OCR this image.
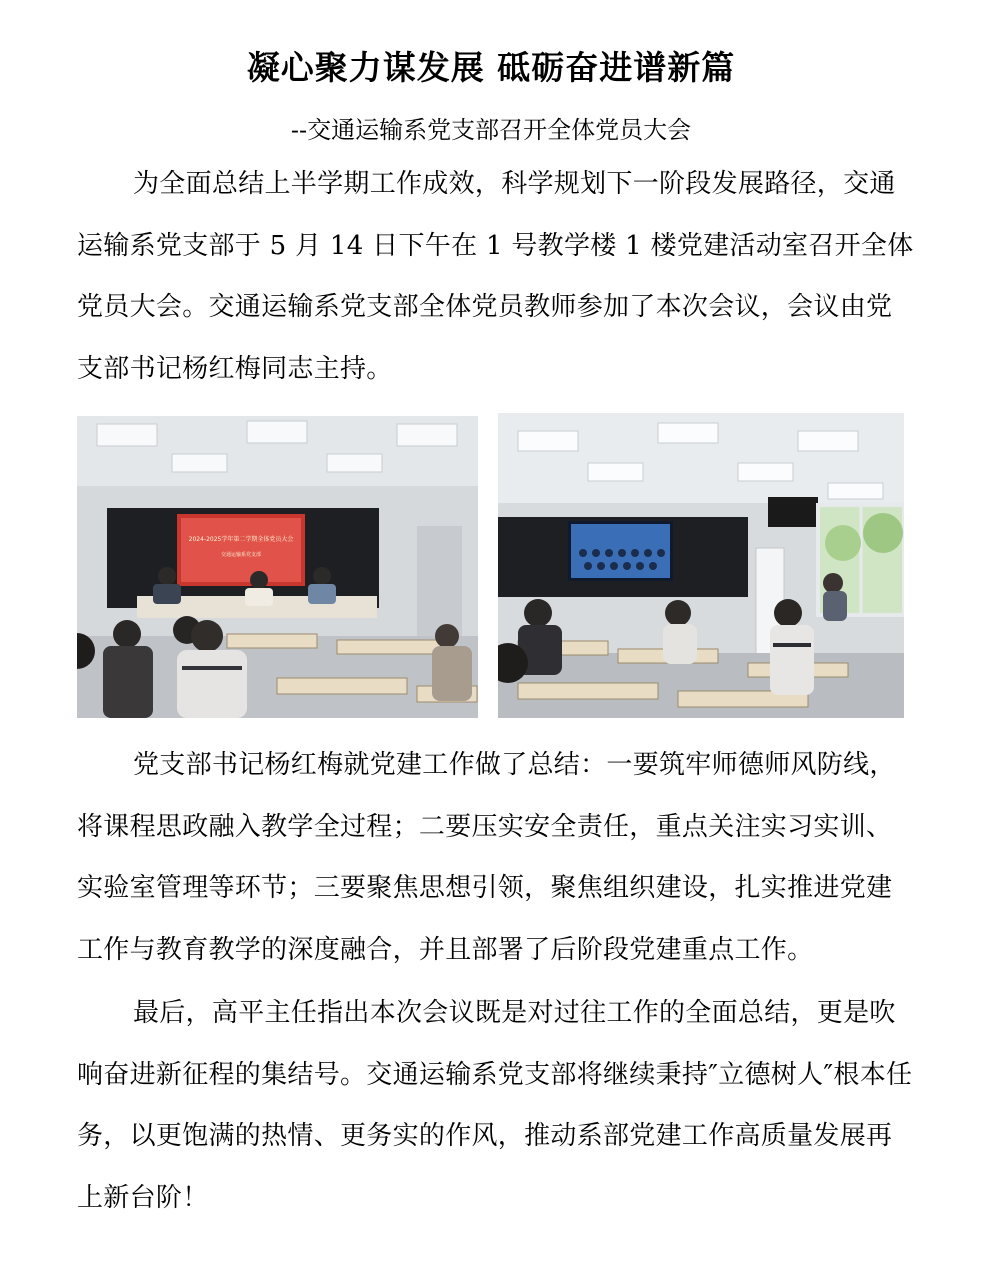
凝心聚力谋发展 砥砺奋进谱新篇
--交通运输系党支部召开全体党员大会

为全面总结上半学期工作成效，科学规划下一阶段发展路径，交通运输系党支部于 5 月 14 日下午在 1 号教学楼 1 楼党建活动室召开全体党员大会。交通运输系党支部全体党员教师参加了本次会议，会议由党支部书记杨红梅同志主持。

2024-2025学年第二学期全体党员大会
交通运输系党支部

党支部书记杨红梅就党建工作做了总结：一要筑牢师德师风防线，将课程思政融入教学全过程；二要压实安全责任，重点关注实习实训、实验室管理等环节；三要聚焦思想引领，聚焦组织建设，扎实推进党建工作与教育教学的深度融合，并且部署了后阶段党建重点工作。

最后，高平主任指出本次会议既是对过往工作的全面总结，更是吹响奋进新征程的集结号。交通运输系党支部将继续秉持″立德树人″根本任务，以更饱满的热情、更务实的作风，推动系部党建工作高质量发展再上新台阶！
